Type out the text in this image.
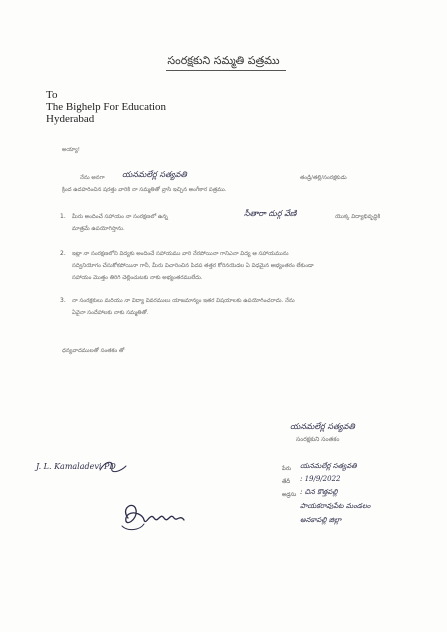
సంరక్షకుని సమ్మతి పత్రము
To
The Bighelp For Education
Hyderabad
అయ్యా!
నేను అనగా యనమలేర్ల సత్యవతి	తండ్రి/తల్లి/సంరక్షకుడు
క్రింద ఉదహరించిన షరత్తు వారికి నా సమ్మతితో వ్రాసి ఇచ్చిన అంగీకార పత్రము.
1. మీరు అందించే సహాయం నా సంరక్షణలో ఉన్న	సీతారా దుర్గ వేణి	యొక్క విద్యాభివృద్ధికి
మాత్రమే ఉపయోగిస్తాను.
2. ఇట్లా నా సంరక్షణలోని విద్యకు అందించే సహాయము వారి నేరపోయినా గానిఎనా విద్య ఆ సహాయమును
సద్వినియోగం చేసుకోకపోయినా గానీ, మీరు విచారించిన పిదప తత్తర కోరినయెడల ఏ విధమైన అభ్యంతరం లేకుండా
సహాయం మొత్తం తిరిగి చెల్లించుటకు నాకు అభ్యంతరములేదు.
3. నా సంరక్షకులు మరియు నా విద్యా వివరములు యాజమాన్యం ఇతర విషయాలకు ఉపయోగించరాదు. నేను
ఏవైనా సందేహాలకు నాకు సమ్మతితో.
ధన్యవాదములతో సంతకం తో
యనమలేర్ల సత్యవతి
సంరక్షకుని సంతకం
పేరు యనమలేర్ల సత్యవతి
తేదీ : 19/9/2022
అడ్రసు : చిన కొత్తపల్లి
పాయకరావుపేట మండలం
అనకాపల్లి జిల్లా
J. L. Kamaladevi PD
